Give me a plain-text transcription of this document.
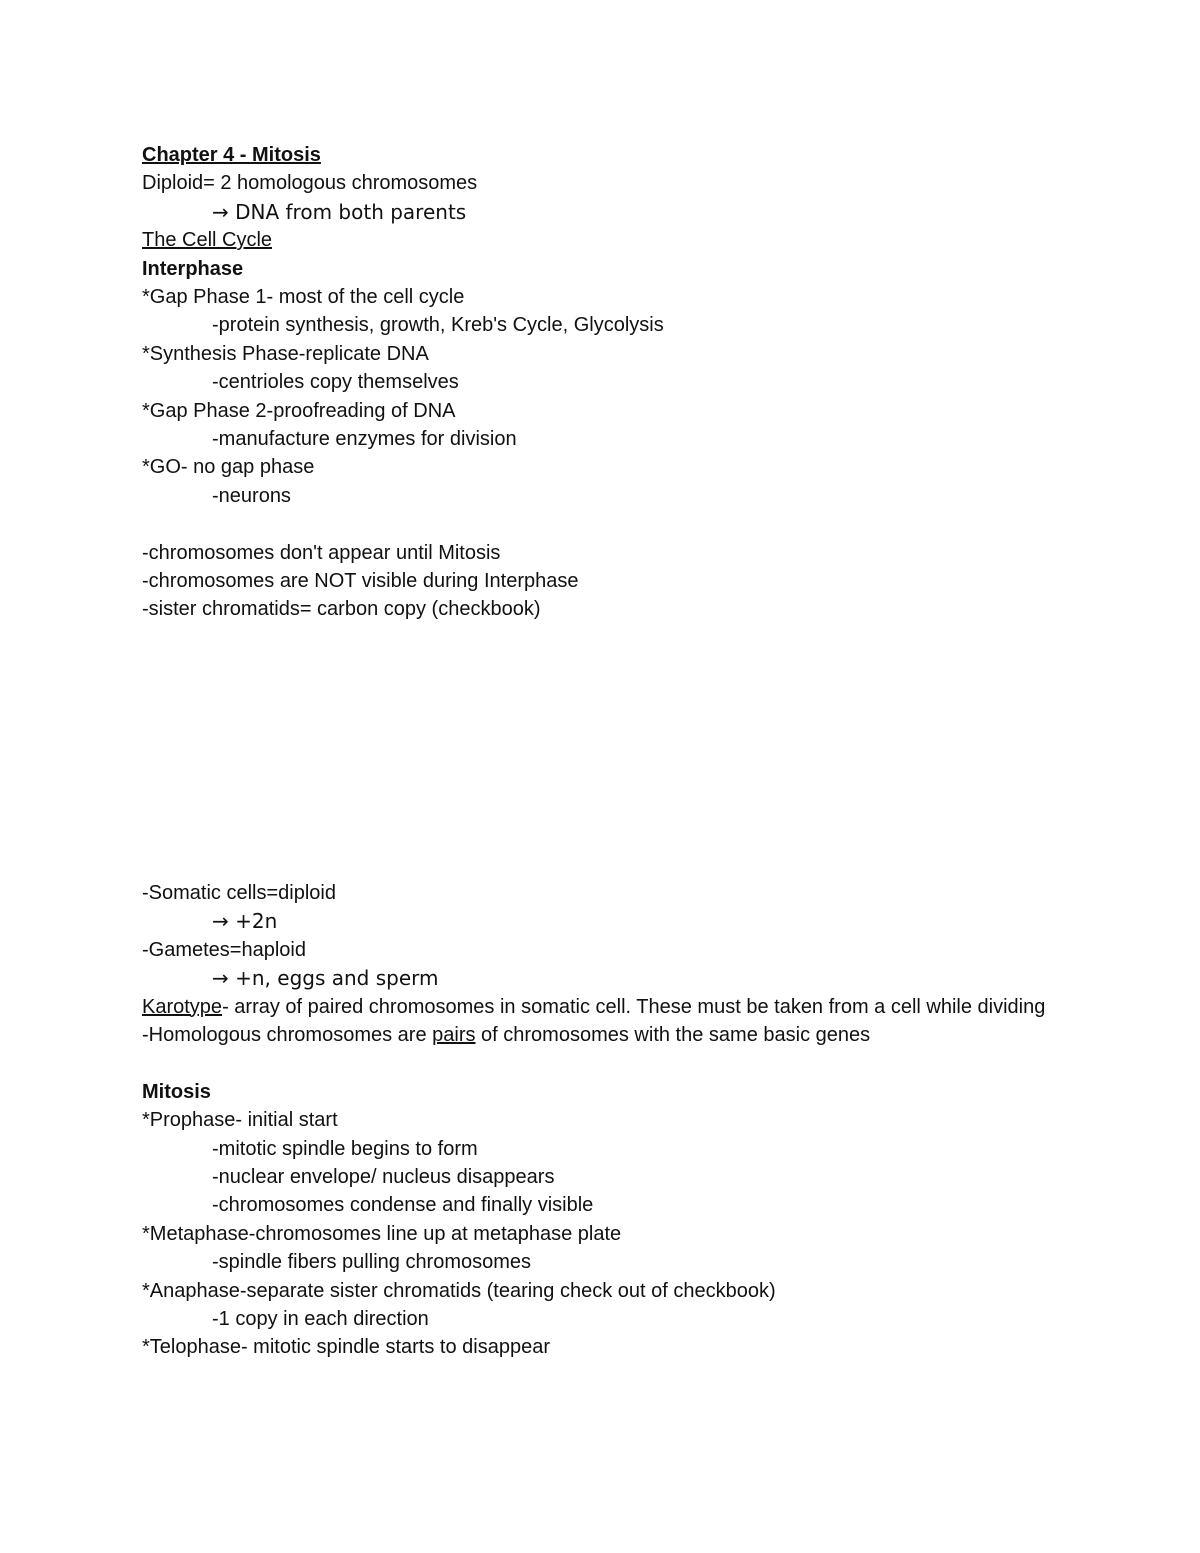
Chapter 4 - Mitosis
Diploid= 2 homologous chromosomes
→ DNA from both parents
The Cell Cycle
Interphase
*Gap Phase 1- most of the cell cycle
-protein synthesis, growth, Kreb's Cycle, Glycolysis
*Synthesis Phase-replicate DNA
-centrioles copy themselves
*Gap Phase 2-proofreading of DNA
-manufacture enzymes for division
*GO- no gap phase
-neurons
-chromosomes don't appear until Mitosis
-chromosomes are NOT visible during Interphase
-sister chromatids= carbon copy (checkbook)
-Somatic cells=diploid
→ +2n
-Gametes=haploid
→ +n, eggs and sperm
Karotype- array of paired chromosomes in somatic cell. These must be taken from a cell while dividing
-Homologous chromosomes are pairs of chromosomes with the same basic genes
Mitosis
*Prophase- initial start
-mitotic spindle begins to form
-nuclear envelope/ nucleus disappears
-chromosomes condense and finally visible
*Metaphase-chromosomes line up at metaphase plate
-spindle fibers pulling chromosomes
*Anaphase-separate sister chromatids (tearing check out of checkbook)
-1 copy in each direction
*Telophase- mitotic spindle starts to disappear
